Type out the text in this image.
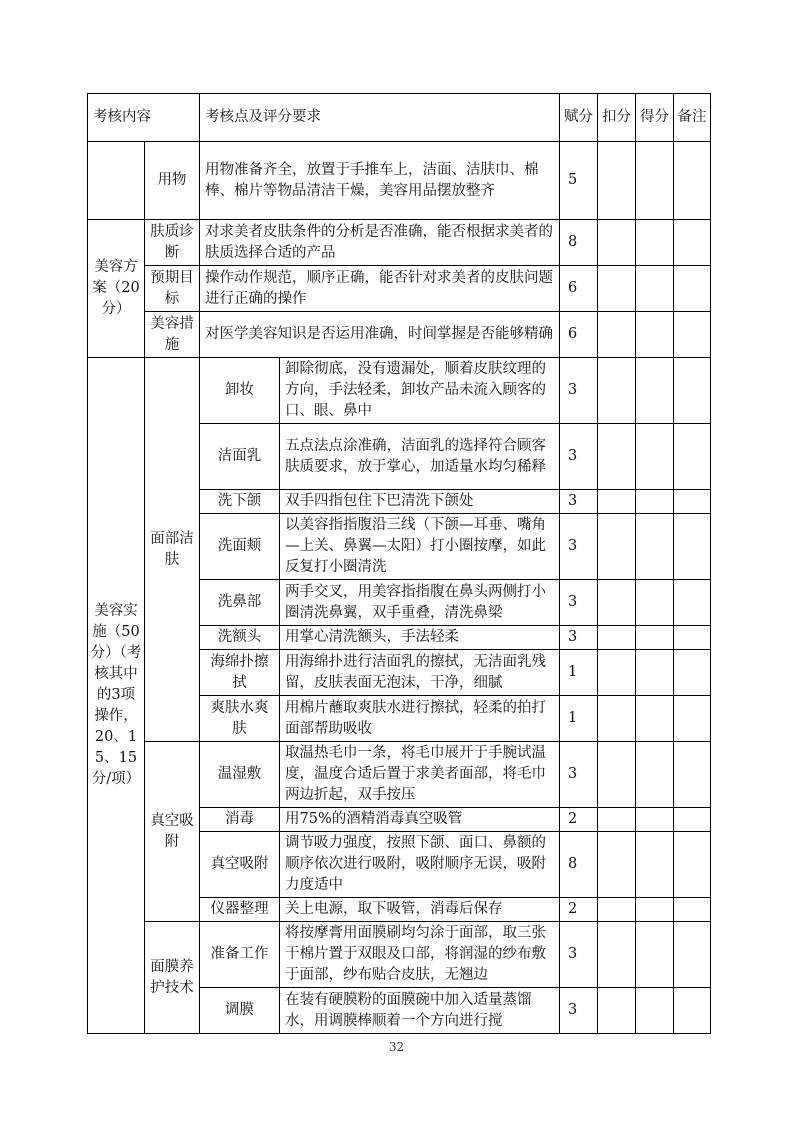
考核内容		考核点及评分要求		赋分	扣分	得分	备注
	用物	用物准备齐全，放置于手推车上，洁面、洁肤巾、棉棒、棉片等物品清洁干燥，美容用品摆放整齐		5			
美容方案（20分）	肤质诊断	对求美者皮肤条件的分析是否准确，能否根据求美者的肤质选择合适的产品		8			
	预期目标	操作动作规范，顺序正确，能否针对求美者的皮肤问题进行正确的操作		6			
	美容措施	对医学美容知识是否运用准确，时间掌握是否能够精确		6			
美容实施（50分）（考核其中的3项操作，20、15、15分/项）	面部洁肤	卸妆	卸除彻底，没有遗漏处，顺着皮肤纹理的方向，手法轻柔，卸妆产品未流入顾客的口、眼、鼻中	3			
		洁面乳	五点法点涂准确，洁面乳的选择符合顾客肤质要求，放于掌心，加适量水均匀稀释	3			
		洗下颌	双手四指包住下巴清洗下颌处	3			
		洗面颊	以美容指指腹沿三线（下颌—耳垂、嘴角—上关、鼻翼—太阳）打小圈按摩，如此反复打小圈清洗	3			
		洗鼻部	两手交叉，用美容指指腹在鼻头两侧打小圈清洗鼻翼，双手重叠，清洗鼻梁	3			
		洗额头	用掌心清洗额头，手法轻柔	3			
		海绵扑擦拭	用海绵扑进行洁面乳的擦拭，无洁面乳残留，皮肤表面无泡沫，干净，细腻	1			
		爽肤水爽肤	用棉片蘸取爽肤水进行擦拭，轻柔的拍打面部帮助吸收	1			
	真空吸附	温湿敷	取温热毛巾一条，将毛巾展开于手腕试温度，温度合适后置于求美者面部，将毛巾两边折起，双手按压	3			
		消毒	用75%的酒精消毒真空吸管	2			
		真空吸附	调节吸力强度，按照下颌、面口、鼻额的顺序依次进行吸附，吸附顺序无误，吸附力度适中	8			
		仪器整理	关上电源，取下吸管，消毒后保存	2			
	面膜养护技术	准备工作	将按摩膏用面膜刷均匀涂于面部，取三张干棉片置于双眼及口部，将润湿的纱布敷于面部，纱布贴合皮肤，无翘边	3			
		调膜	在装有硬膜粉的面膜碗中加入适量蒸馏水，用调膜棒顺着一个方向进行搅	3			
32
